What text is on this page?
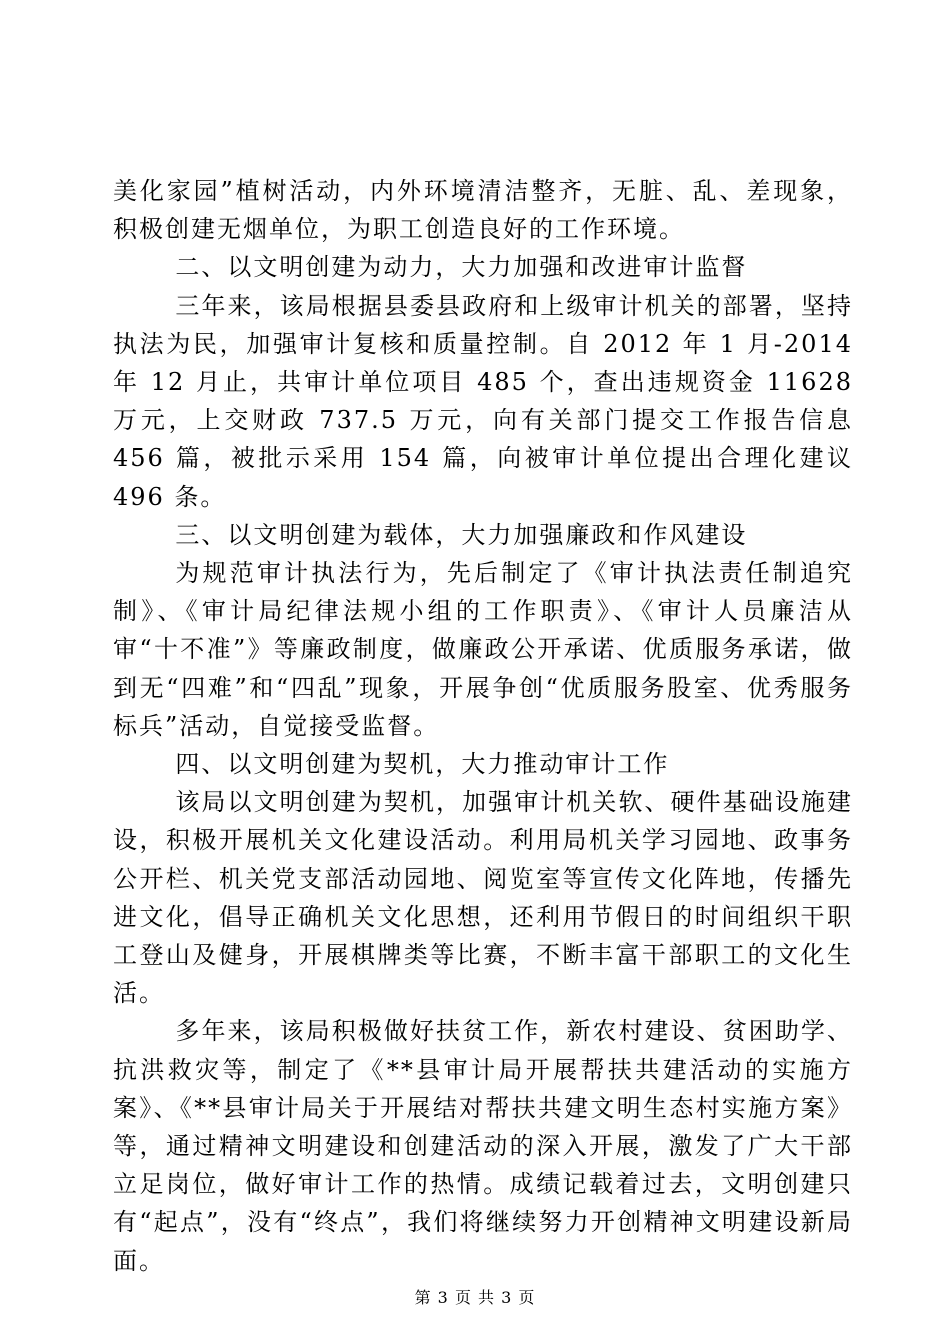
美化家园”植树活动，内外环境清洁整齐，无脏、乱、差现象，积极创建无烟单位，为职工创造良好的工作环境。

二、以文明创建为动力，大力加强和改进审计监督

三年来，该局根据县委县政府和上级审计机关的部署，坚持执法为民，加强审计复核和质量控制。自 2012 年 1 月-2014 年 12 月止，共审计单位项目 485 个，查出违规资金 11628 万元，上交财政 737.5 万元，向有关部门提交工作报告信息 456 篇，被批示采用 154 篇，向被审计单位提出合理化建议 496 条。

三、以文明创建为载体，大力加强廉政和作风建设

为规范审计执法行为，先后制定了《审计执法责任制追究制》、《审计局纪律法规小组的工作职责》、《审计人员廉洁从审“十不准”》等廉政制度，做廉政公开承诺、优质服务承诺，做到无“四难”和“四乱”现象，开展争创“优质服务股室、优秀服务标兵”活动，自觉接受监督。

四、以文明创建为契机，大力推动审计工作

该局以文明创建为契机，加强审计机关软、硬件基础设施建设，积极开展机关文化建设活动。利用局机关学习园地、政事务公开栏、机关党支部活动园地、阅览室等宣传文化阵地，传播先进文化，倡导正确机关文化思想，还利用节假日的时间组织干职工登山及健身，开展棋牌类等比赛，不断丰富干部职工的文化生活。

多年来，该局积极做好扶贫工作，新农村建设、贫困助学、抗洪救灾等，制定了《**县审计局开展帮扶共建活动的实施方案》、《**县审计局关于开展结对帮扶共建文明生态村实施方案》等，通过精神文明建设和创建活动的深入开展，激发了广大干部立足岗位，做好审计工作的热情。成绩记载着过去，文明创建只有“起点”，没有“终点”，我们将继续努力开创精神文明建设新局面。

第 3 页 共 3 页
